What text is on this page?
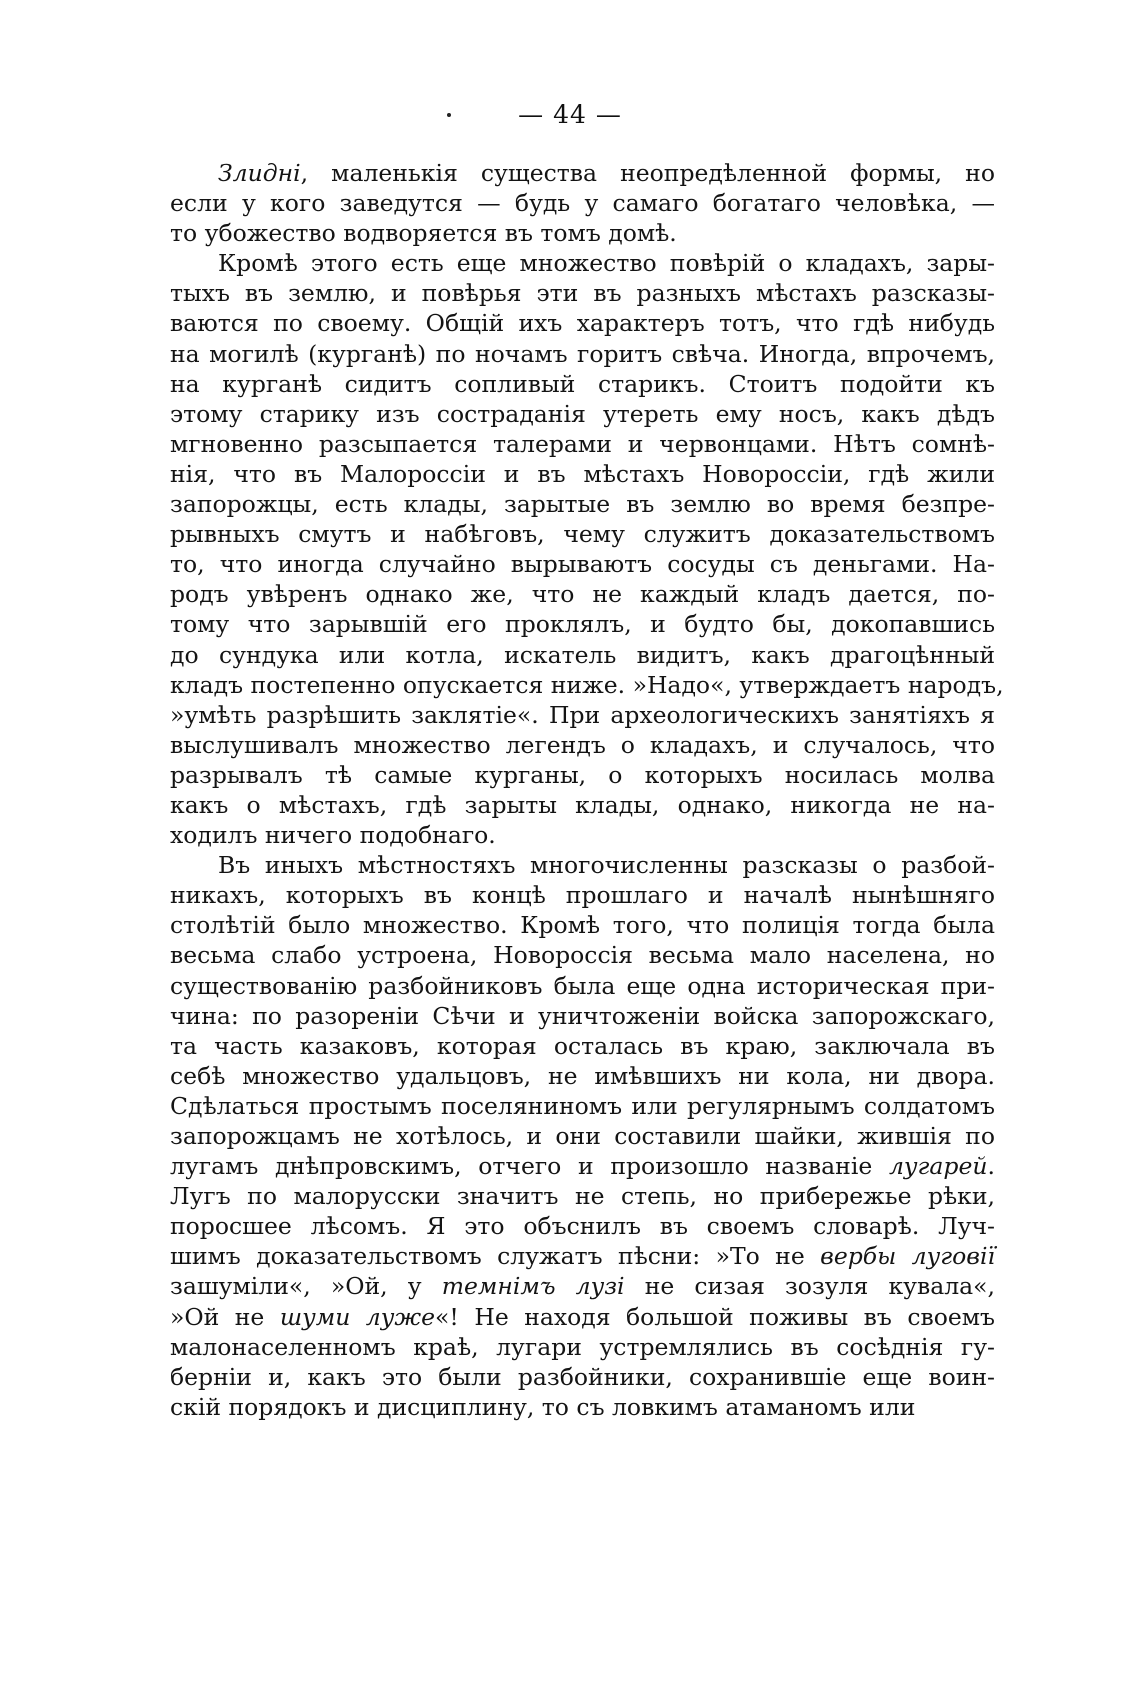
— 44 —
Злидні, маленькія существа неопредѣленной формы, но
если у кого заведутся — будь у самаго богатаго человѣка, —
то убожество водворяется въ томъ домѣ.
Кромѣ этого есть еще множество повѣрій о кладахъ, зары-
тыхъ въ землю, и повѣрья эти въ разныхъ мѣстахъ разсказы-
ваются по своему. Общій ихъ характеръ тотъ, что гдѣ нибудь
на могилѣ (курганѣ) по ночамъ горитъ свѣча. Иногда, впрочемъ,
на курганѣ сидитъ сопливый старикъ. Стоитъ подойти къ
этому старику изъ состраданія утереть ему носъ, какъ дѣдъ
мгновенно разсыпается талерами и червонцами. Нѣтъ сомнѣ-
нія, что въ Малороссіи и въ мѣстахъ Новороссіи, гдѣ жили
запорожцы, есть клады, зарытые въ землю во время безпре-
рывныхъ смутъ и набѣговъ, чему служитъ доказательствомъ
то, что иногда случайно вырываютъ сосуды съ деньгами. На-
родъ увѣренъ однако же, что не каждый кладъ дается, по-
тому что зарывшій его проклялъ, и будто бы, докопавшись
до сундука или котла, искатель видитъ, какъ драгоцѣнный
кладъ постепенно опускается ниже. »Надо«, утверждаетъ народъ,
»умѣть разрѣшить заклятіе«. При археологическихъ занятіяхъ я
выслушивалъ множество легендъ о кладахъ, и случалось, что
разрывалъ тѣ самые курганы, о которыхъ носилась молва
какъ о мѣстахъ, гдѣ зарыты клады, однако, никогда не на-
ходилъ ничего подобнаго.
Въ иныхъ мѣстностяхъ многочисленны разсказы о разбой-
никахъ, которыхъ въ концѣ прошлаго и началѣ нынѣшняго
столѣтій было множество. Кромѣ того, что полиція тогда была
весьма слабо устроена, Новороссія весьма мало населена, но
существованію разбойниковъ была еще одна историческая при-
чина: по разореніи Сѣчи и уничтоженіи войска запорожскаго,
та часть казаковъ, которая осталась въ краю, заключала въ
себѣ множество удальцовъ, не имѣвшихъ ни кола, ни двора.
Сдѣлаться простымъ поселяниномъ или регулярнымъ солдатомъ
запорожцамъ не хотѣлось, и они составили шайки, жившія по
лугамъ днѣпровскимъ, отчего и произошло названіе лугарей.
Лугъ по малорусски значитъ не степь, но прибережье рѣки,
поросшее лѣсомъ. Я это объснилъ въ своемъ словарѣ. Луч-
шимъ доказательствомъ служатъ пѣсни: »То не вербы луговії
зашуміли«, »Ой, у темнімъ лузі не сизая зозуля кувала«,
»Ой не шуми луже«! Не находя большой поживы въ своемъ
малонаселенномъ краѣ, лугари устремлялись въ сосѣднія гу-
берніи и, какъ это были разбойники, сохранившіе еще воин-
скій порядокъ и дисциплину, то съ ловкимъ атаманомъ или
